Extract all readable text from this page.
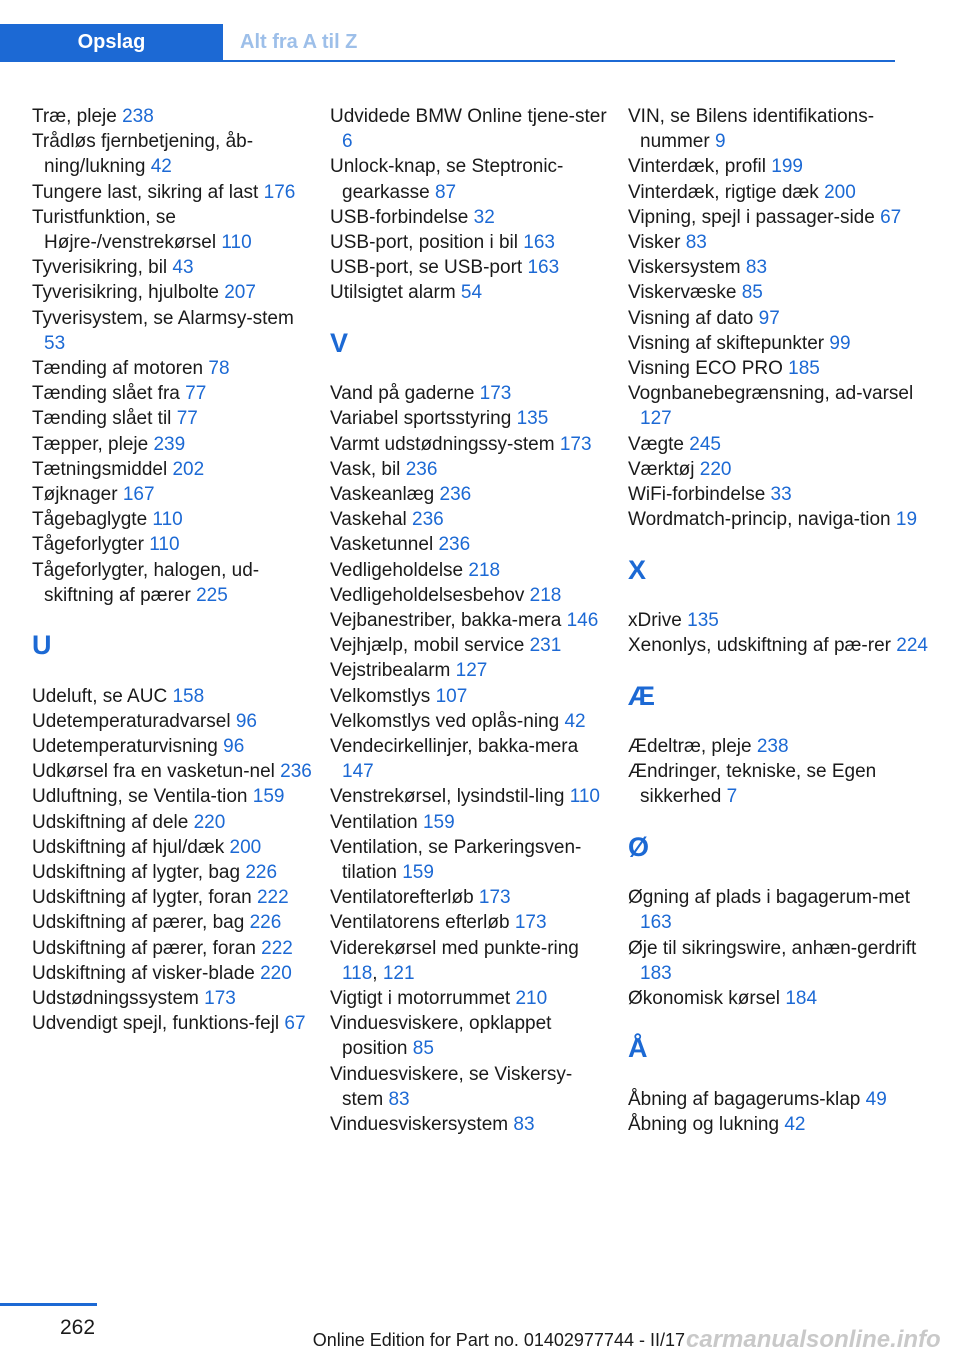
Opslag	Alt fra A til Z
Træ, pleje 238
Trådløs fjernbetjening, åb-ning/lukning 42
Tungere last, sikring af last 176
Turistfunktion, se Højre-/venstrekørsel 110
Tyverisikring, bil 43
Tyverisikring, hjulbolte 207
Tyverisystem, se Alarmsy-stem 53
Tænding af motoren 78
Tænding slået fra 77
Tænding slået til 77
Tæpper, pleje 239
Tætningsmiddel 202
Tøjknager 167
Tågebaglygte 110
Tågeforlygter 110
Tågeforlygter, halogen, ud-skiftning af pærer 225
U
Udeluft, se AUC 158
Udetemperaturadvarsel 96
Udetemperaturvisning 96
Udkørsel fra en vasketun-nel 236
Udluftning, se Ventila-tion 159
Udskiftning af dele 220
Udskiftning af hjul/dæk 200
Udskiftning af lygter, bag 226
Udskiftning af lygter, foran 222
Udskiftning af pærer, bag 226
Udskiftning af pærer, foran 222
Udskiftning af visker-blade 220
Udstødningssystem 173
Udvendigt spejl, funktions-fejl 67
Udvidede BMW Online tjene-ster 6
Unlock-knap, se Steptronic-gearkasse 87
USB-forbindelse 32
USB-port, position i bil 163
USB-port, se USB-port 163
Utilsigtet alarm 54
V
Vand på gaderne 173
Variabel sportsstyring 135
Varmt udstødningssy-stem 173
Vask, bil 236
Vaskeanlæg 236
Vaskehal 236
Vasketunnel 236
Vedligeholdelse 218
Vedligeholdelsesbehov 218
Vejbanestriber, bakka-mera 146
Vejhjælp, mobil service 231
Vejstribealarm 127
Velkomstlys 107
Velkomstlys ved oplås-ning 42
Vendecirkellinjer, bakka-mera 147
Venstrekørsel, lysindstil-ling 110
Ventilation 159
Ventilation, se Parkeringsven-tilation 159
Ventilatorefterløb 173
Ventilatorens efterløb 173
Viderekørsel med punkte-ring 118, 121
Vigtigt i motorrummet 210
Vinduesviskere, opklappet position 85
Vinduesviskere, se Viskersy-stem 83
Vinduesviskersystem 83
VIN, se Bilens identifikations-nummer 9
Vinterdæk, profil 199
Vinterdæk, rigtige dæk 200
Vipning, spejl i passager-side 67
Visker 83
Viskersystem 83
Viskervæske 85
Visning af dato 97
Visning af skiftepunkter 99
Visning ECO PRO 185
Vognbanebegrænsning, ad-varsel 127
Vægte 245
Værktøj 220
WiFi-forbindelse 33
Wordmatch-princip, naviga-tion 19
X
xDrive 135
Xenonlys, udskiftning af pæ-rer 224
Æ
Ædeltræ, pleje 238
Ændringer, tekniske, se Egen sikkerhed 7
Ø
Øgning af plads i bagagerum-met 163
Øje til sikringswire, anhæn-gerdrift 183
Økonomisk kørsel 184
Å
Åbning af bagagerums-klap 49
Åbning og lukning 42
262
Online Edition for Part no. 01402977744 - II/17 carmanualsonline.info
